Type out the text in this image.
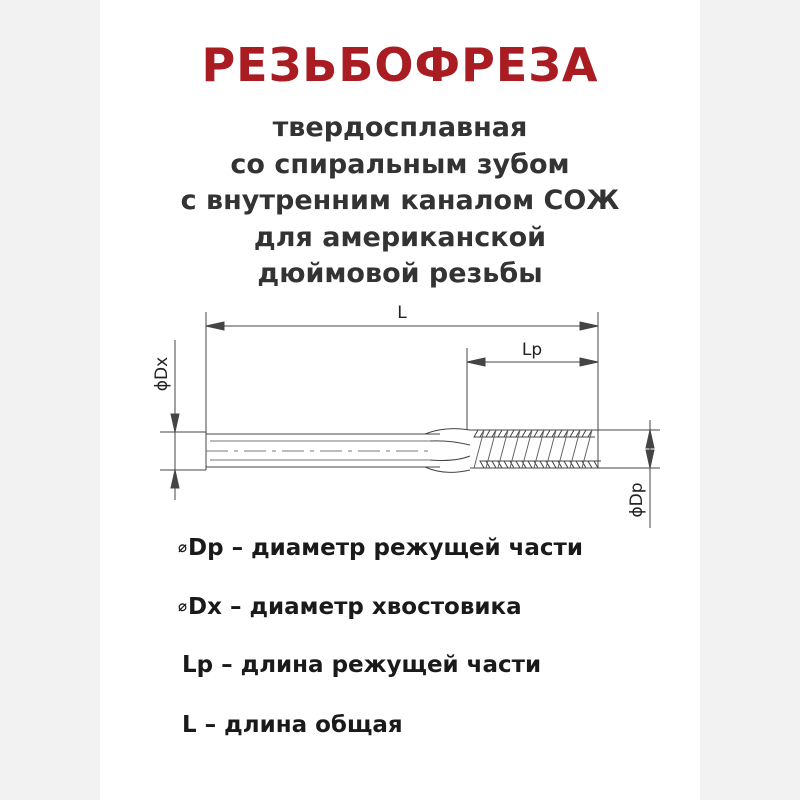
РЕЗЬБОФРЕЗА
твердосплавная
со спиральным зубом
с внутренним каналом СОЖ
для американской
дюймовой резьбы
L
Lp
ϕDx
ϕDp
⌀Dp – диаметр режущей части
⌀Dx – диаметр хвостовика
Lp – длина режущей части
L – длина общая
